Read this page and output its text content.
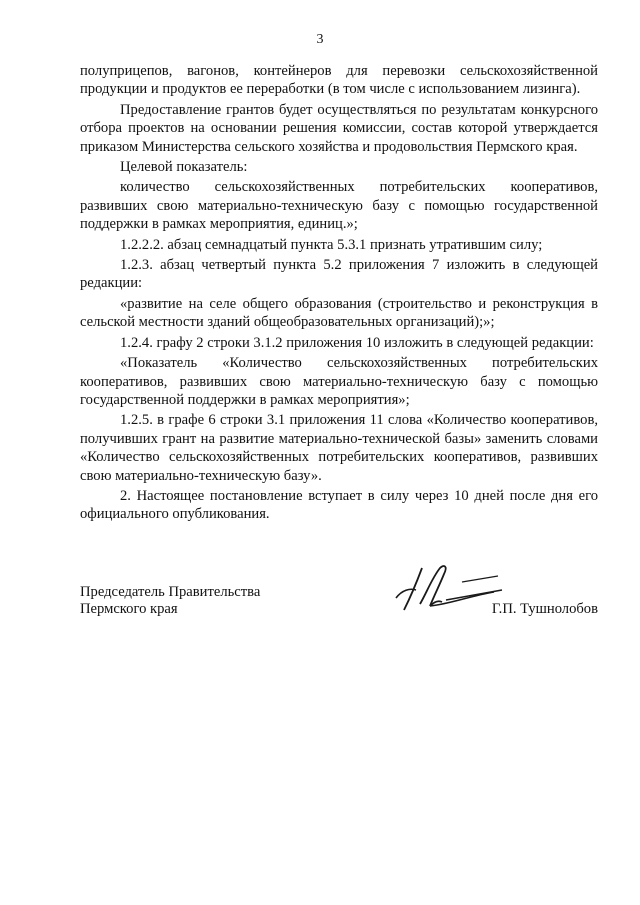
3

полуприцепов, вагонов, контейнеров для перевозки сельскохозяйственной продукции и продуктов ее переработки (в том числе с использованием лизинга).

Предоставление грантов будет осуществляться по результатам конкурсного отбора проектов на основании решения комиссии, состав которой утверждается приказом Министерства сельского хозяйства и продовольствия Пермского края.

Целевой показатель:

количество сельскохозяйственных потребительских кооперативов, развивших свою материально-техническую базу с помощью государственной поддержки в рамках мероприятия, единиц.»;

1.2.2.2. абзац семнадцатый пункта 5.3.1 признать утратившим силу;

1.2.3. абзац четвертый пункта 5.2 приложения 7 изложить в следующей редакции:

«развитие на селе общего образования (строительство и реконструкция в сельской местности зданий общеобразовательных организаций);»;

1.2.4. графу 2 строки 3.1.2 приложения 10 изложить в следующей редакции:

«Показатель «Количество сельскохозяйственных потребительских кооперативов, развивших свою материально-техническую базу с помощью государственной поддержки в рамках мероприятия»;

1.2.5. в графе 6 строки 3.1 приложения 11 слова «Количество кооперативов, получивших грант на развитие материально-технической базы» заменить словами «Количество сельскохозяйственных потребительских кооперативов, развивших свою материально-техническую базу».

2. Настоящее постановление вступает в силу через 10 дней после дня его официального опубликования.

Председатель Правительства
Пермского края	Г.П. Тушнолобов
